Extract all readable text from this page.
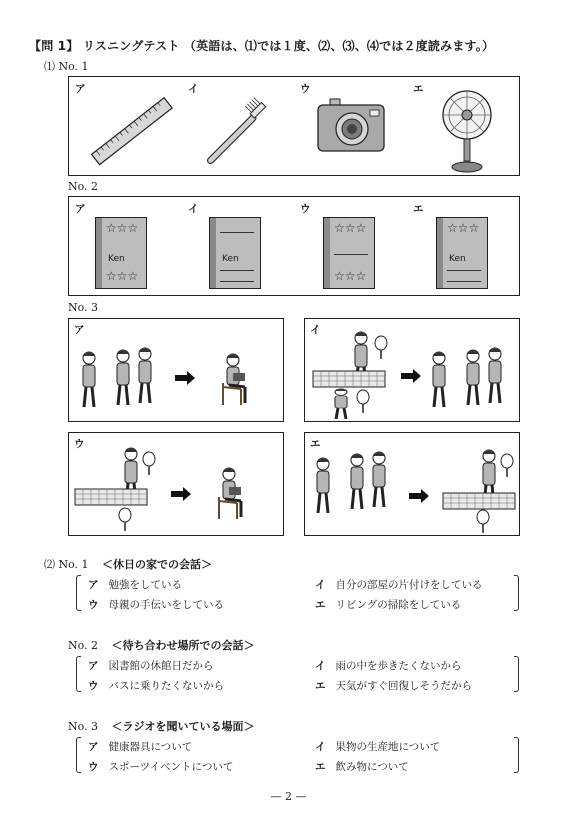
【問 1】 リスニングテスト （英語は、⑴では１度、⑵、⑶、⑷では２度読みます。）
⑴ No. 1
ア	イ	ウ	エ
No. 2
ア	イ	ウ	エ
☆☆☆
Ken
☆☆☆
Ken
☆☆☆
☆☆☆
☆☆☆
Ken
No. 3
ア	イ
ウ	エ
⑵ No. 1 ＜休日の家での会話＞
ア 勉強をしている	イ 自分の部屋の片付けをしている
ウ 母親の手伝いをしている	エ リビングの掃除をしている
No. 2 ＜待ち合わせ場所での会話＞
ア 図書館の休館日だから	イ 雨の中を歩きたくないから
ウ バスに乗りたくないから	エ 天気がすぐ回復しそうだから
No. 3 ＜ラジオを聞いている場面＞
ア 健康器具について	イ 果物の生産地について
ウ スポーツイベントについて	エ 飲み物について
— 2 —
